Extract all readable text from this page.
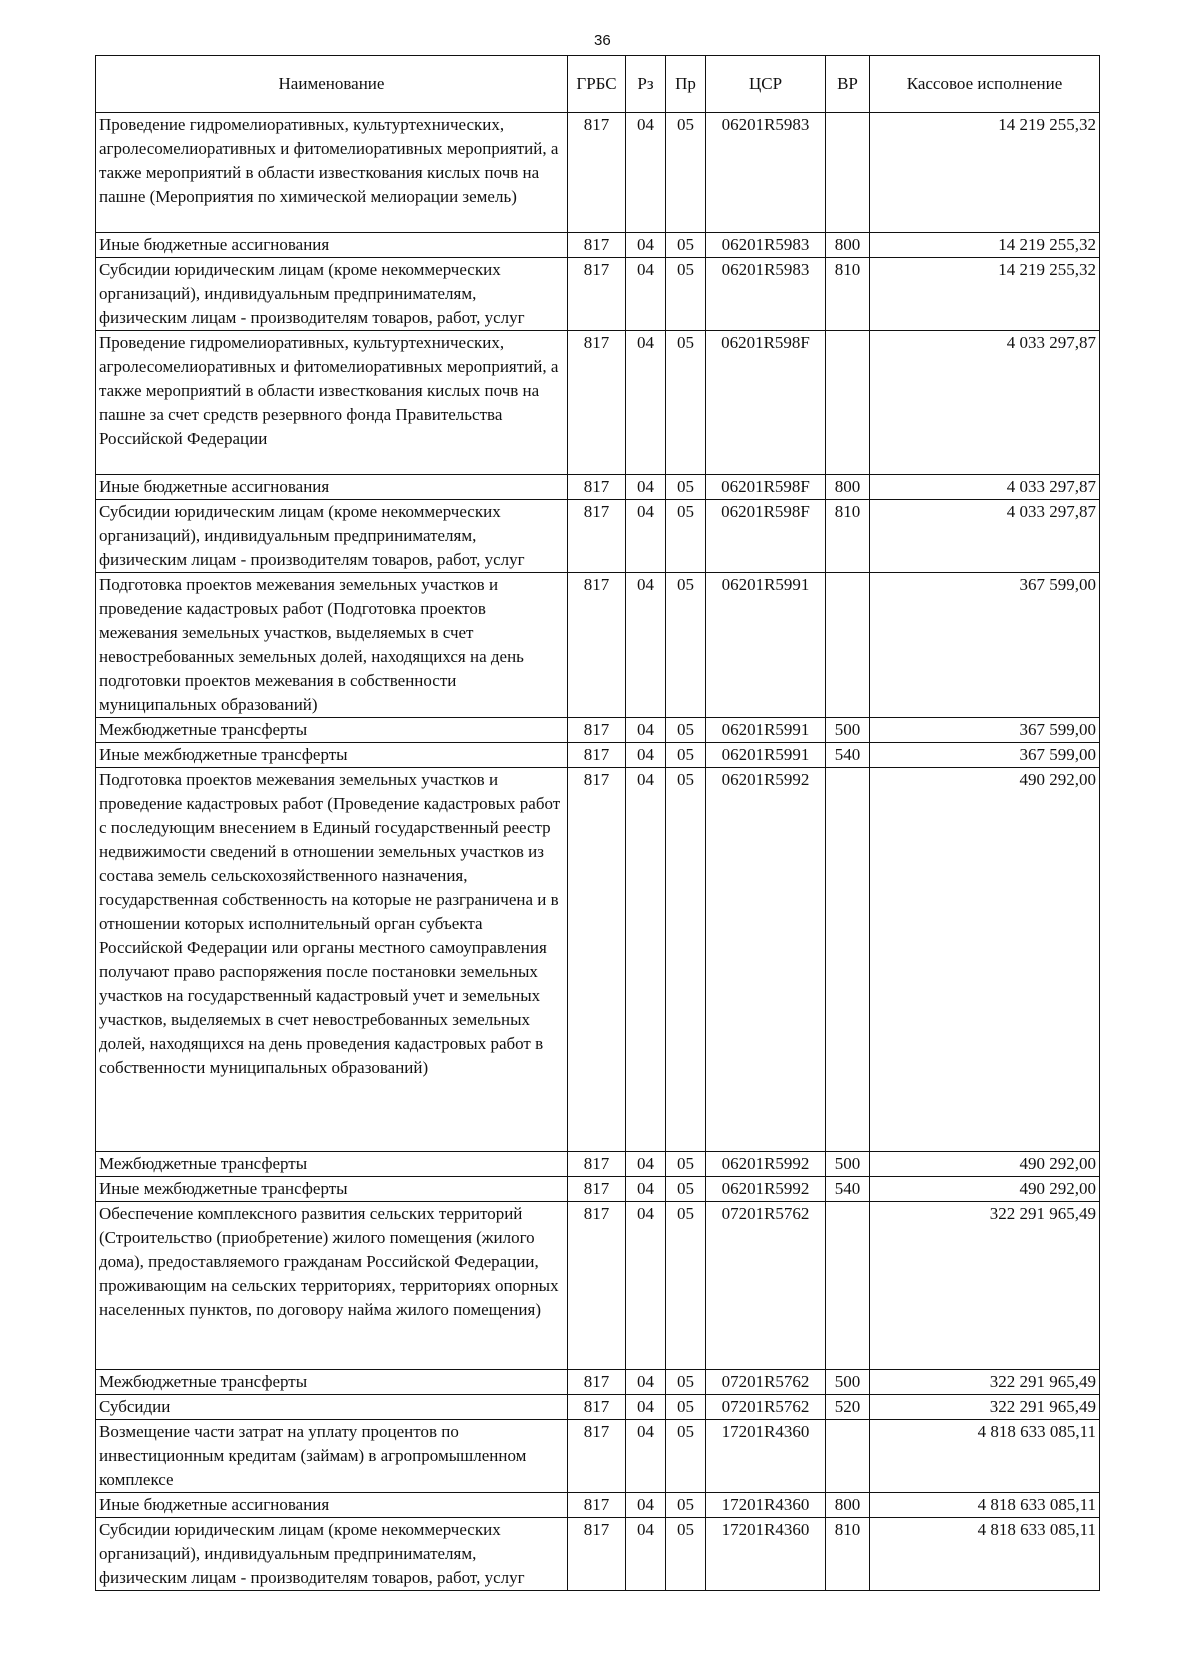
36
Наименование	ГРБС	Рз	Пр	ЦСР	ВР	Кассовое исполнение
Проведение гидромелиоративных, культуртехнических, агролесомелиоративных и фитомелиоративных мероприятий, а также мероприятий в области известкования кислых почв на пашне (Мероприятия по химической мелиорации земель)	817	04	05	06201R5983		14 219 255,32
Иные бюджетные ассигнования	817	04	05	06201R5983	800	14 219 255,32
Субсидии юридическим лицам (кроме некоммерческих организаций), индивидуальным предпринимателям, физическим лицам - производителям товаров, работ, услуг	817	04	05	06201R5983	810	14 219 255,32
Проведение гидромелиоративных, культуртехнических, агролесомелиоративных и фитомелиоративных мероприятий, а также мероприятий в области известкования кислых почв на пашне за счет средств резервного фонда Правительства Российской Федерации	817	04	05	06201R598F		4 033 297,87
Иные бюджетные ассигнования	817	04	05	06201R598F	800	4 033 297,87
Субсидии юридическим лицам (кроме некоммерческих организаций), индивидуальным предпринимателям, физическим лицам - производителям товаров, работ, услуг	817	04	05	06201R598F	810	4 033 297,87
Подготовка проектов межевания земельных участков и проведение кадастровых работ (Подготовка проектов межевания земельных участков, выделяемых в счет невостребованных земельных долей, находящихся на день подготовки проектов межевания в собственности муниципальных образований)	817	04	05	06201R5991		367 599,00
Межбюджетные трансферты	817	04	05	06201R5991	500	367 599,00
Иные межбюджетные трансферты	817	04	05	06201R5991	540	367 599,00
Подготовка проектов межевания земельных участков и проведение кадастровых работ (Проведение кадастровых работ с последующим внесением в Единый государственный реестр недвижимости сведений в отношении земельных участков из состава земель сельскохозяйственного назначения, государственная собственность на которые не разграничена и в отношении которых исполнительный орган субъекта Российской Федерации или органы местного самоуправления получают право распоряжения после постановки земельных участков на государственный кадастровый учет и земельных участков, выделяемых в счет невостребованных земельных долей, находящихся на день проведения кадастровых работ в собственности муниципальных образований)	817	04	05	06201R5992		490 292,00
Межбюджетные трансферты	817	04	05	06201R5992	500	490 292,00
Иные межбюджетные трансферты	817	04	05	06201R5992	540	490 292,00
Обеспечение комплексного развития сельских территорий (Строительство (приобретение) жилого помещения (жилого дома), предоставляемого гражданам Российской Федерации, проживающим на сельских территориях, территориях опорных населенных пунктов, по договору найма жилого помещения)	817	04	05	07201R5762		322 291 965,49
Межбюджетные трансферты	817	04	05	07201R5762	500	322 291 965,49
Субсидии	817	04	05	07201R5762	520	322 291 965,49
Возмещение части затрат на уплату процентов по инвестиционным кредитам (займам) в агропромышленном комплексе	817	04	05	17201R4360		4 818 633 085,11
Иные бюджетные ассигнования	817	04	05	17201R4360	800	4 818 633 085,11
Субсидии юридическим лицам (кроме некоммерческих организаций), индивидуальным предпринимателям, физическим лицам - производителям товаров, работ, услуг	817	04	05	17201R4360	810	4 818 633 085,11
